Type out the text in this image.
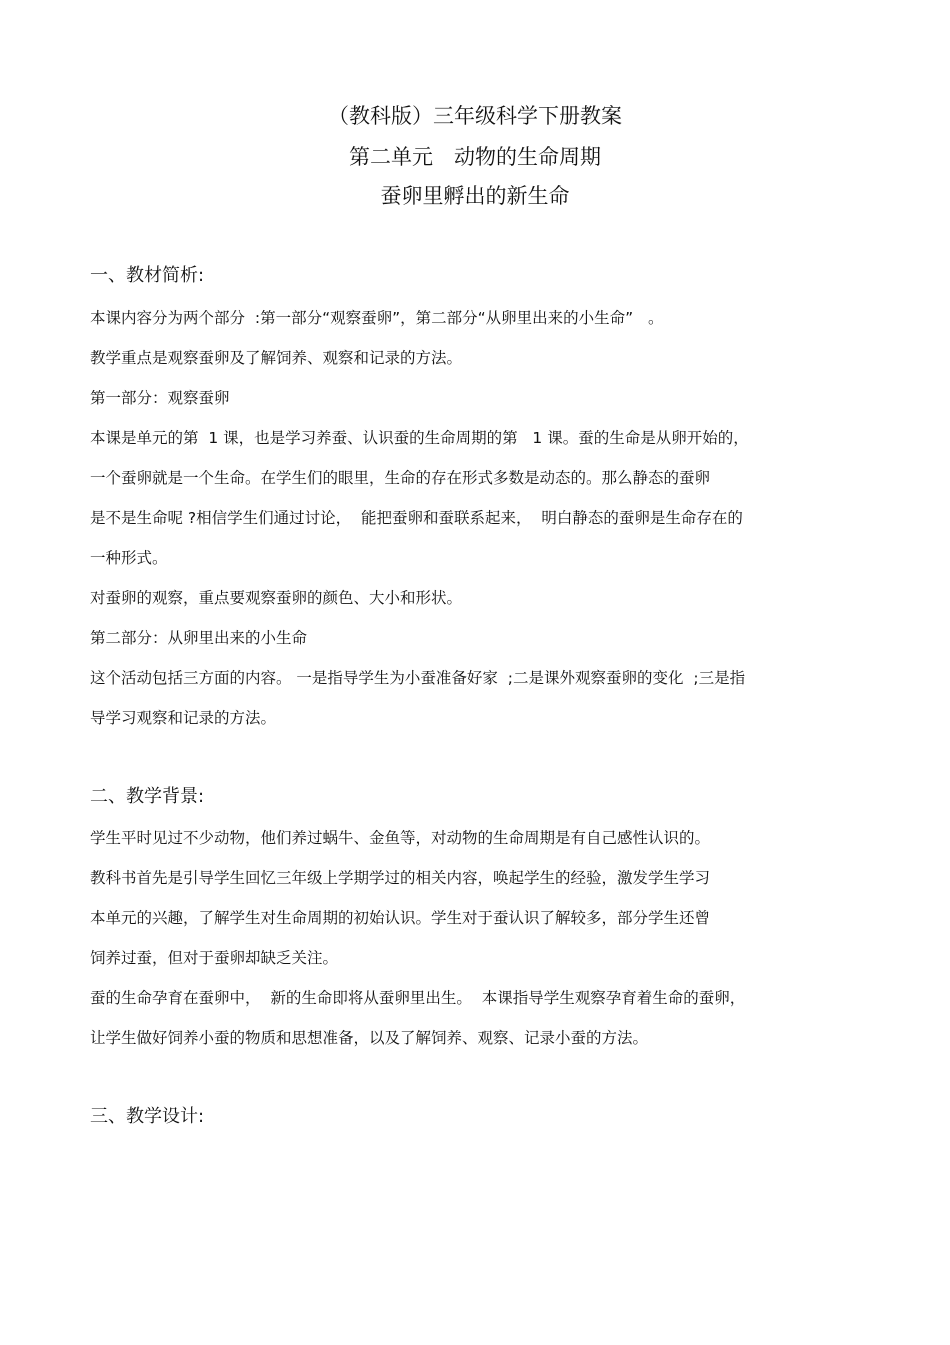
（教科版）三年级科学下册教案
第二单元　动物的生命周期
蚕卵里孵出的新生命
一、教材简析:
本课内容分为两个部分  :第一部分“观察蚕卵”，第二部分“从卵里出来的小生命”   。
教学重点是观察蚕卵及了解饲养、观察和记录的方法。
第一部分：观察蚕卵
本课是单元的第  1 课，也是学习养蚕、认识蚕的生命周期的第   1 课。蚕的生命是从卵开始的，
一个蚕卵就是一个生命。在学生们的眼里，生命的存在形式多数是动态的。那么静态的蚕卵
是不是生命呢 ?相信学生们通过讨论，  能把蚕卵和蚕联系起来，  明白静态的蚕卵是生命存在的
一种形式。
对蚕卵的观察，重点要观察蚕卵的颜色、大小和形状。
第二部分：从卵里出来的小生命
这个活动包括三方面的内容。 一是指导学生为小蚕准备好家  ;二是课外观察蚕卵的变化  ;三是指
导学习观察和记录的方法。
二、教学背景:
学生平时见过不少动物，他们养过蜗牛、金鱼等，对动物的生命周期是有自己感性认识的。
教科书首先是引导学生回忆三年级上学期学过的相关内容，唤起学生的经验，激发学生学习
本单元的兴趣，了解学生对生命周期的初始认识。学生对于蚕认识了解较多，部分学生还曾
饲养过蚕，但对于蚕卵却缺乏关注。
蚕的生命孕育在蚕卵中，  新的生命即将从蚕卵里出生。  本课指导学生观察孕育着生命的蚕卵，
让学生做好饲养小蚕的物质和思想准备，以及了解饲养、观察、记录小蚕的方法。
三、教学设计:
